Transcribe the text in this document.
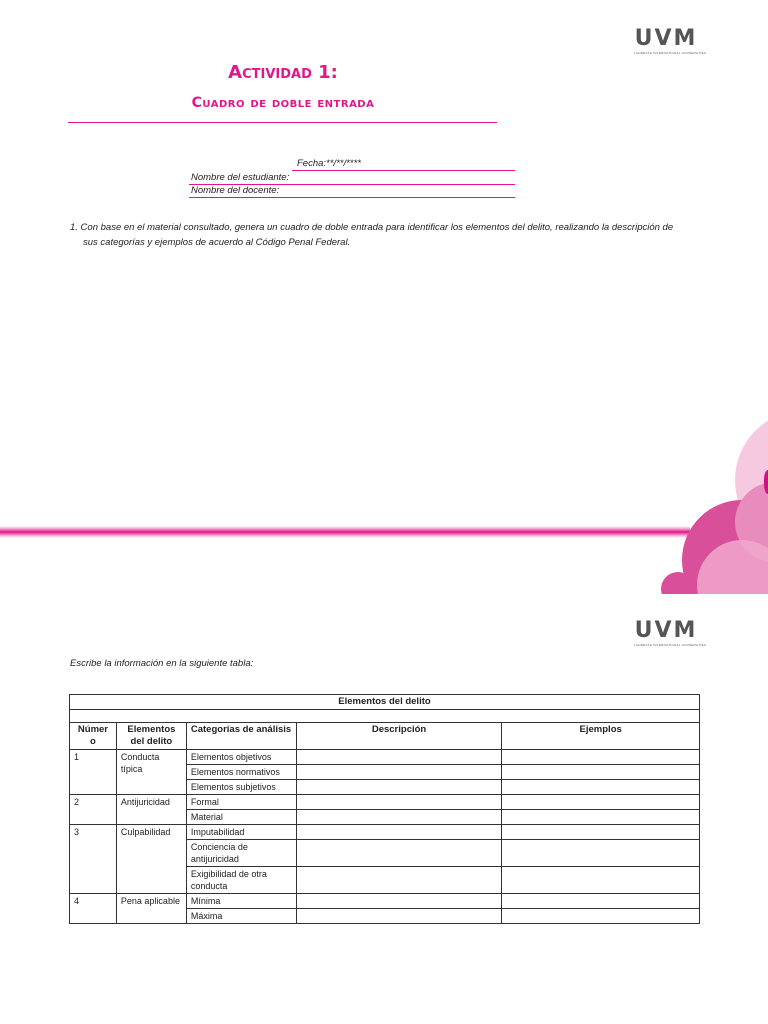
UVM
LAUREATE INTERNATIONAL UNIVERSITIES
Actividad 1:
Cuadro de doble entrada
Fecha:**/**/****
Nombre del estudiante:
Nombre del docente:
1. Con base en el material consultado, genera un cuadro de doble entrada para identificar los elementos del delito, realizando la descripción de
sus categorías y ejemplos de acuerdo al Código Penal Federal.
UVM
LAUREATE INTERNATIONAL UNIVERSITIES
Escribe la información en la siguiente tabla:
Elementos del delito				

Númer o	Elementos del delito	Categorías de análisis	Descripción	Ejemplos
1	Conducta típica	Elementos objetivos		
		Elementos normativos		
		Elementos subjetivos		
2	Antijuricidad	Formal		
		Material		
3	Culpabilidad	Imputabilidad		
		Conciencia de antijuricidad		
		Exigibilidad de otra conducta		
4	Pena aplicable	Mínima		
		Máxima		
